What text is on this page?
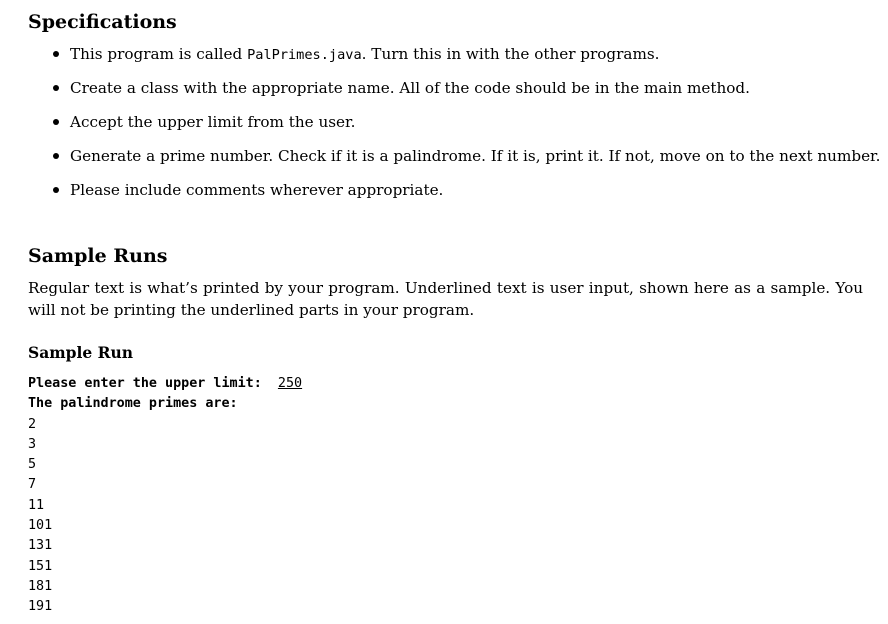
Specifications
This program is called PalPrimes.java. Turn this in with the other programs.
Create a class with the appropriate name. All of the code should be in the main method.
Accept the upper limit from the user.
Generate a prime number. Check if it is a palindrome. If it is, print it. If not, move on to the next number.
Please include comments wherever appropriate.
Sample Runs

Regular text is what’s printed by your program. Underlined text is user input, shown here as a sample. You will not be printing the underlined parts in your program.

Sample Run
Please enter the upper limit:  250
The palindrome primes are:
2
3
5
7
11
101
131
151
181
191
